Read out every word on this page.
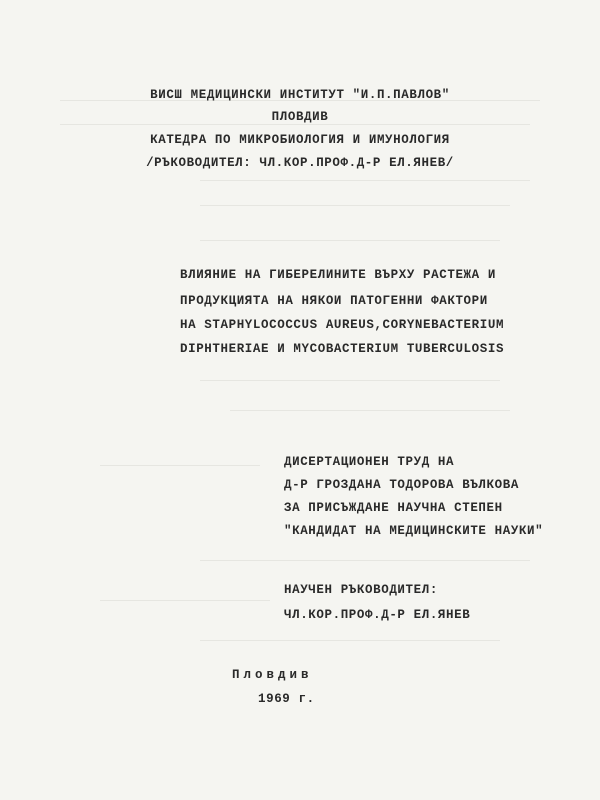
ВИСШ МЕДИЦИНСКИ ИНСТИТУТ "И.П.ПАВЛОВ"
ПЛОВДИВ
КАТЕДРА ПО МИКРОБИОЛОГИЯ И ИМУНОЛОГИЯ
/РЪКОВОДИТЕЛ: ЧЛ.КОР.ПРОФ.Д-Р ЕЛ.ЯНЕВ/
ВЛИЯНИЕ НА ГИБЕРЕЛИНИТЕ ВЪРХУ РАСТЕЖА И
ПРОДУКЦИЯТА НА НЯКОИ ПАТОГЕННИ ФАКТОРИ
НА STAPHYLOCOCCUS AUREUS,CORYNEBACTERIUM
DIPHTHERIAE И MYCOBACTERIUM TUBERCULOSIS
ДИСЕРТАЦИОНЕН ТРУД НА
Д-Р ГРОЗДАНА ТОДОРОВА ВЪЛКОВА
ЗА ПРИСЪЖДАНЕ НАУЧНА СТЕПЕН
"КАНДИДАТ НА МЕДИЦИНСКИТЕ НАУКИ"
НАУЧЕН РЪКОВОДИТЕЛ:
ЧЛ.КОР.ПРОФ.Д-Р ЕЛ.ЯНЕВ
Пловдив
1969 г.
